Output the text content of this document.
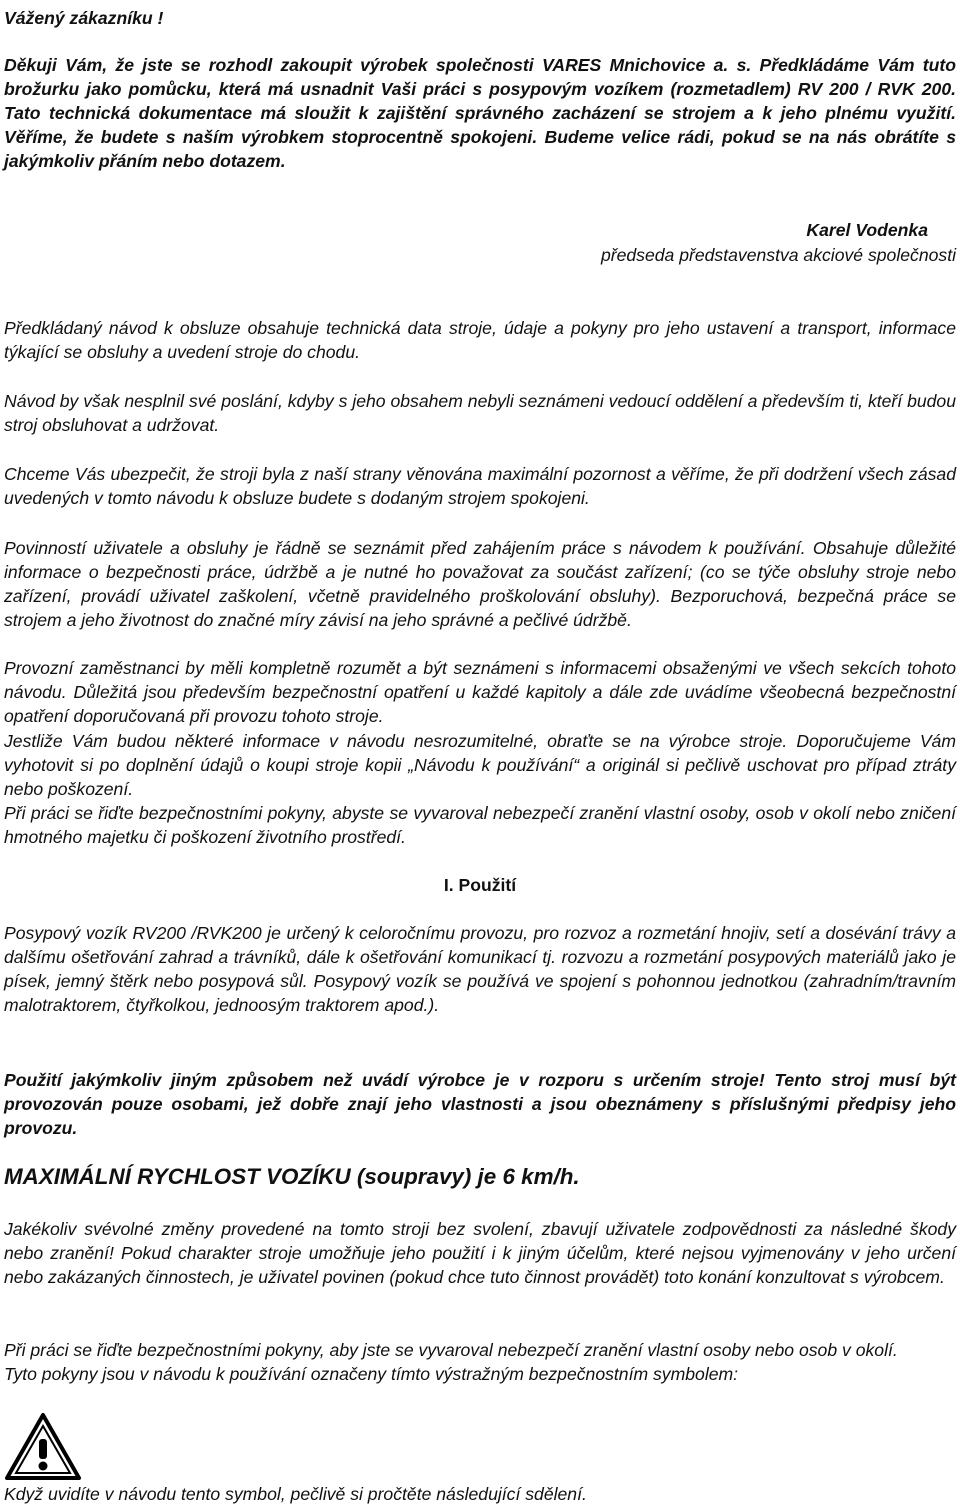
Vážený zákazníku !

Děkuji Vám, že jste se rozhodl zakoupit výrobek společnosti VARES Mnichovice a. s. Předkládáme Vám tuto brožurku jako pomůcku, která má usnadnit Vaši práci s posypovým vozíkem (rozmetadlem) RV 200 / RVK 200. Tato technická dokumentace má sloužit k zajištění správného zacházení se strojem a k jeho plnému využití. Věříme, že budete s naším výrobkem stoprocentně spokojeni. Budeme velice rádi, pokud se na nás obrátíte s jakýmkoliv přáním nebo dotazem.

Karel Vodenka
předseda představenstva akciové společnosti

Předkládaný návod k obsluze obsahuje technická data stroje, údaje a pokyny pro jeho ustavení a transport, informace týkající se obsluhy a uvedení stroje do chodu.

Návod by však nesplnil své poslání, kdyby s jeho obsahem nebyli seznámeni vedoucí oddělení a především ti, kteří budou stroj obsluhovat a udržovat.

Chceme Vás ubezpečit, že stroji byla z naší strany věnována maximální pozornost a věříme, že při dodržení všech zásad uvedených v tomto návodu k obsluze budete s dodaným strojem spokojeni.

Povinností uživatele a obsluhy je řádně se seznámit před zahájením práce s návodem k používání. Obsahuje důležité informace o bezpečnosti práce, údržbě a je nutné ho považovat za součást zařízení; (co se týče obsluhy stroje nebo zařízení, provádí uživatel zaškolení, včetně pravidelného proškolování obsluhy). Bezporuchová, bezpečná práce se strojem a jeho životnost do značné míry závisí na jeho správné a pečlivé údržbě.

Provozní zaměstnanci by měli kompletně rozumět a být seznámeni s informacemi obsaženými ve všech sekcích tohoto návodu. Důležitá jsou především bezpečnostní opatření u každé kapitoly a dále zde uvádíme všeobecná bezpečnostní opatření doporučovaná při provozu tohoto stroje.

Jestliže Vám budou některé informace v návodu nesrozumitelné, obraťte se na výrobce stroje. Doporučujeme Vám vyhotovit si po doplnění údajů o koupi stroje kopii „Návodu k používání“ a originál si pečlivě uschovat pro případ ztráty nebo poškození.

Při práci se řiďte bezpečnostními pokyny, abyste se vyvaroval nebezpečí zranění vlastní osoby, osob v okolí nebo zničení hmotného majetku či poškození životního prostředí.

I. Použití

Posypový vozík RV200 /RVK200 je určený k celoročnímu provozu, pro rozvoz a rozmetání hnojiv, setí a dosévání trávy a dalšímu ošetřování zahrad a trávníků, dále k ošetřování komunikací tj. rozvozu a rozmetání posypových materiálů jako je písek, jemný štěrk nebo posypová sůl. Posypový vozík se používá ve spojení s pohonnou jednotkou (zahradním/travním malotraktorem, čtyřkolkou, jednoosým traktorem apod.).

Použití jakýmkoliv jiným způsobem než uvádí výrobce je v rozporu s určením stroje! Tento stroj musí být provozován pouze osobami, jež dobře znají jeho vlastnosti a jsou obeznámeny s příslušnými předpisy jeho provozu.

MAXIMÁLNÍ RYCHLOST VOZÍKU (soupravy) je 6 km/h.

Jakékoliv svévolné změny provedené na tomto stroji bez svolení, zbavují uživatele zodpovědnosti za následné škody nebo zranění! Pokud charakter stroje umožňuje jeho použití i k jiným účelům, které nejsou vyjmenovány v jeho určení nebo zakázaných činnostech, je uživatel povinen (pokud chce tuto činnost provádět) toto konání konzultovat s výrobcem.

Při práci se řiďte bezpečnostními pokyny, aby jste se vyvaroval nebezpečí zranění vlastní osoby nebo osob v okolí.

Tyto pokyny jsou v návodu k používání označeny tímto výstražným bezpečnostním symbolem:

Když uvidíte v návodu tento symbol, pečlivě si pročtěte následující sdělení.
